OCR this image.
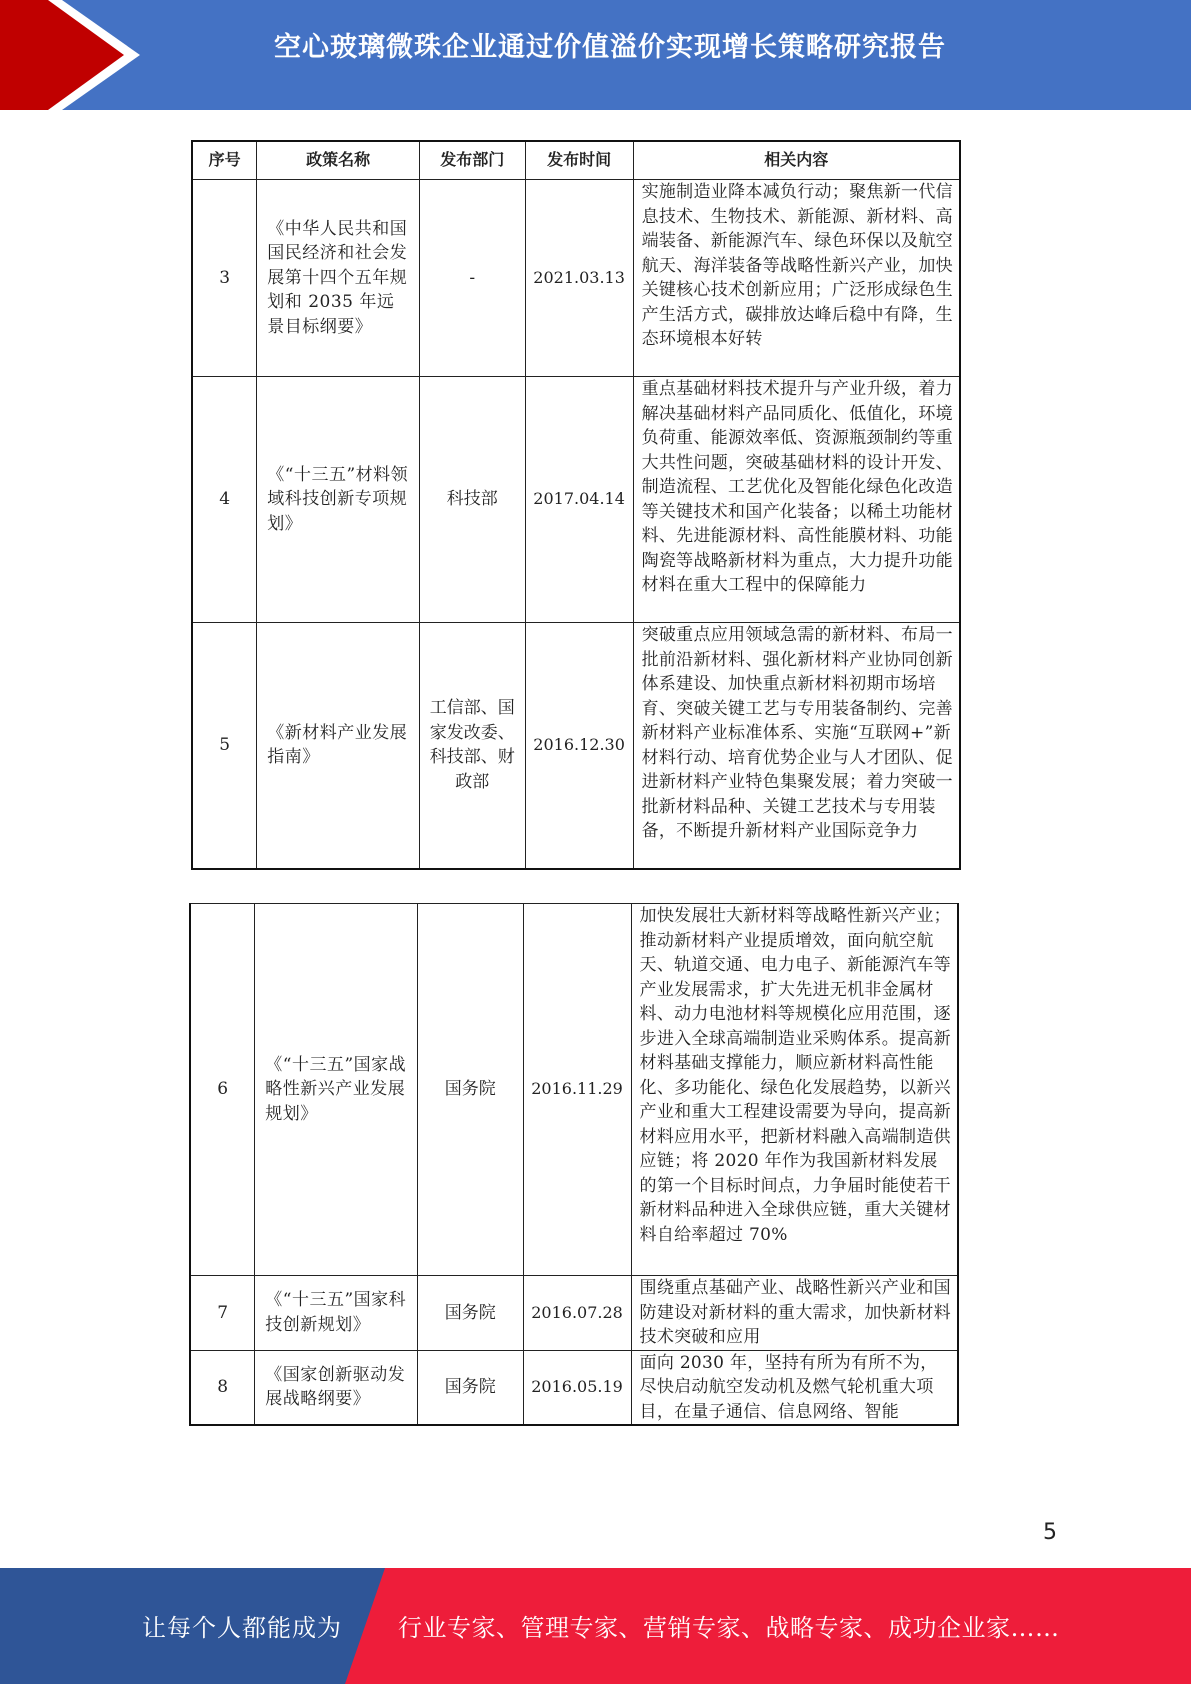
空心玻璃微珠企业通过价值溢价实现增长策略研究报告
序号	政策名称	发布部门	发布时间	相关内容
3	《中华人民共和国国民经济和社会发展第十四个五年规划和 2035 年远景目标纲要》	-	2021.03.13	实施制造业降本减负行动；聚焦新一代信息技术、生物技术、新能源、新材料、高端装备、新能源汽车、绿色环保以及航空航天、海洋装备等战略性新兴产业，加快关键核心技术创新应用；广泛形成绿色生产生活方式，碳排放达峰后稳中有降，生态环境根本好转
4	《“十三五”材料领域科技创新专项规划》	科技部	2017.04.14	重点基础材料技术提升与产业升级，着力解决基础材料产品同质化、低值化，环境负荷重、能源效率低、资源瓶颈制约等重大共性问题，突破基础材料的设计开发、制造流程、工艺优化及智能化绿色化改造等关键技术和国产化装备；以稀土功能材料、先进能源材料、高性能膜材料、功能陶瓷等战略新材料为重点，大力提升功能材料在重大工程中的保障能力
5	《新材料产业发展指南》	工信部、国家发改委、科技部、财政部	2016.12.30	突破重点应用领域急需的新材料、布局一批前沿新材料、强化新材料产业协同创新体系建设、加快重点新材料初期市场培育、突破关键工艺与专用装备制约、完善新材料产业标准体系、实施“互联网+”新材料行动、培育优势企业与人才团队、促进新材料产业特色集聚发展；着力突破一批新材料品种、关键工艺技术与专用装备，不断提升新材料产业国际竞争力
6	《“十三五”国家战略性新兴产业发展规划》	国务院	2016.11.29	加快发展壮大新材料等战略性新兴产业；推动新材料产业提质增效，面向航空航天、轨道交通、电力电子、新能源汽车等产业发展需求，扩大先进无机非金属材料、动力电池材料等规模化应用范围，逐步进入全球高端制造业采购体系。提高新材料基础支撑能力，顺应新材料高性能化、多功能化、绿色化发展趋势，以新兴产业和重大工程建设需要为导向，提高新材料应用水平，把新材料融入高端制造供应链；将 2020 年作为我国新材料发展的第一个目标时间点，力争届时能使若干新材料品种进入全球供应链，重大关键材料自给率超过 70%
7	《“十三五”国家科技创新规划》	国务院	2016.07.28	围绕重点基础产业、战略性新兴产业和国防建设对新材料的重大需求，加快新材料技术突破和应用
8	《国家创新驱动发展战略纲要》	国务院	2016.05.19	面向 2030 年，坚持有所为有所不为，尽快启动航空发动机及燃气轮机重大项目，在量子通信、信息网络、智能
5
让每个人都能成为 行业专家、管理专家、营销专家、战略专家、成功企业家……
